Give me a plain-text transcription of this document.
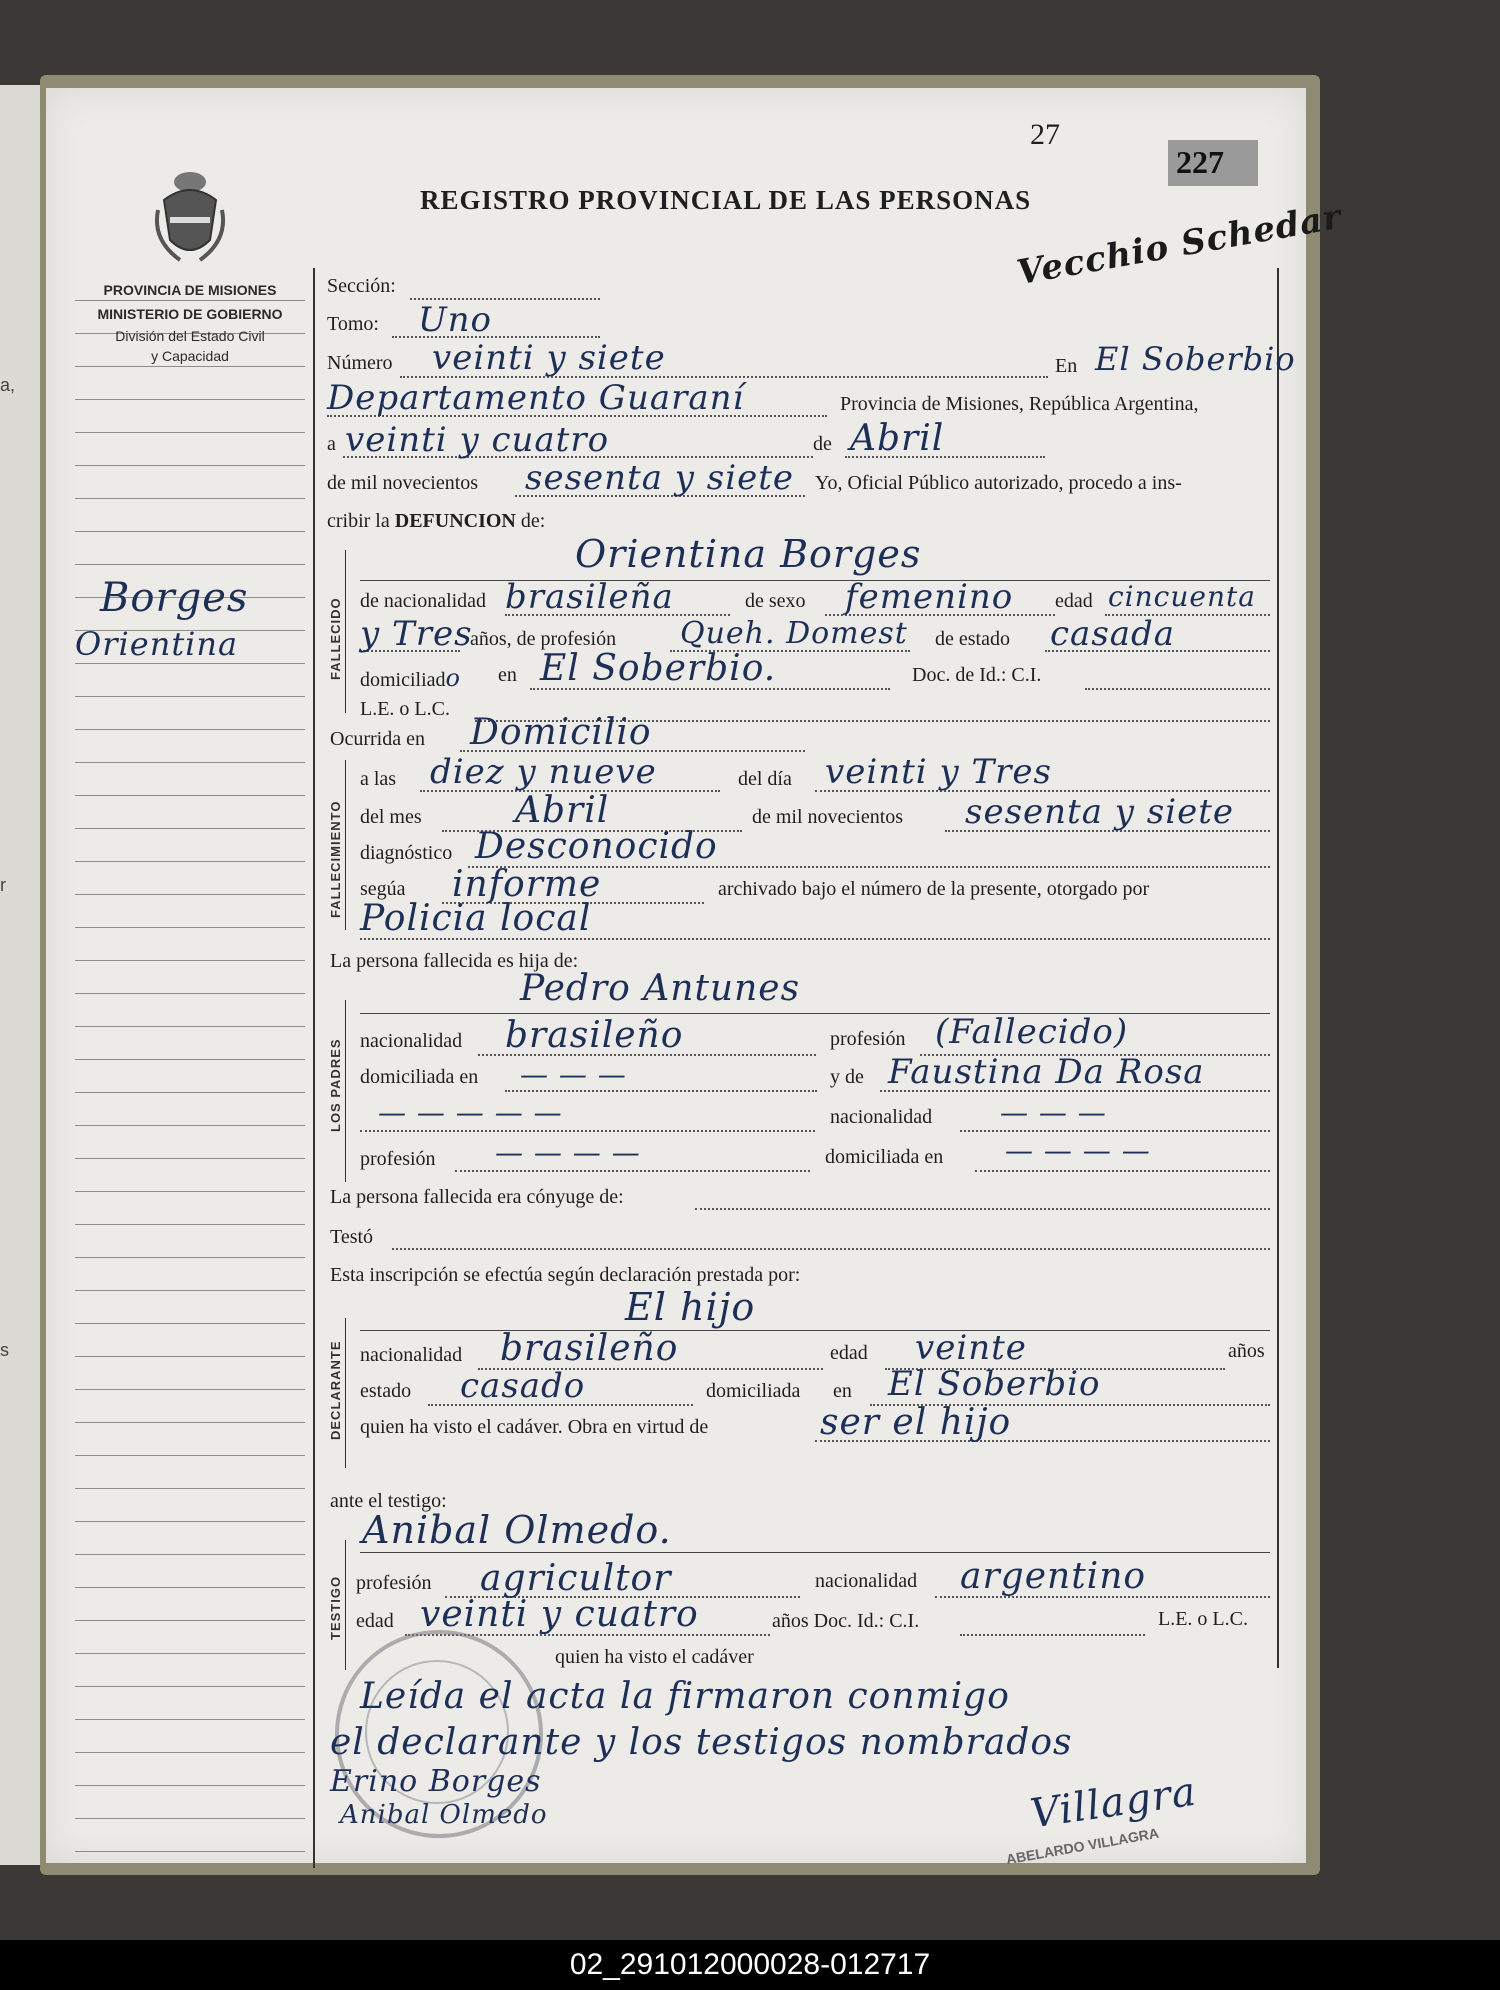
a,
r
s
PROVINCIA DE MISIONES
MINISTERIO DE GOBIERNO
División del Estado Civil
y Capacidad
27
227
REGISTRO PROVINCIAL DE LAS PERSONAS
Vecchio Schedar
Borges
Orientina
Sección:
Tomo: Uno
Número veinti y siete	En El Soberbio
Departamento Guaraní	Provincia de Misiones, República Argentina,
a veinti y cuatro	de Abril
de mil novecientos sesenta y siete Yo, Oficial Público autorizado, procedo a ins-
cribir la DEFUNCION de:
FALLECIDO
Orientina Borges
de nacionalidad brasileña	de sexo femenino edad cincuenta
y Tres
años, de profesión Queh. Domest de estado casada
domiciliado en El Soberbio.	Doc. de Id.: C.I.
L.E. o L.C.
Ocurrida en Domicilio
FALLECIMIENTO
a las diez y nueve	del día veinti y Tres
del mes	Abril	de mil novecientos sesenta y siete
diagnóstico Desconocido
segúa informe	archivado bajo el número de la presente, otorgado por
Policia local
La persona fallecida es hija de:
Pedro Antunes
LOS PADRES nacionalidad brasileño	profesión (Fallecido)
domiciliada en — — —	y de Faustina Da Rosa
— — — — —	nacionalidad — — —
profesión — — — —	domiciliada en — — — —
La persona fallecida era cónyuge de:
Testó
Esta inscripción se efectúa según declaración prestada por:
El hijo
DECLARANTE nacionalidad brasileño	edad veinte	años
estado casado	domiciliada en El Soberbio
quien ha visto el cadáver. Obra en virtud de	ser el hijo
ante el testigo:
Anibal Olmedo.
TESTIGO profesión agricultor	nacionalidad argentino
edad veinti y cuatro	años Doc. Id.: C.I.	L.E. o L.C.
quien ha visto el cadáver
Leída el acta la firmaron conmigo
el declarante y los testigos nombrados
Erino Borges
Anibal Olmedo	Villagra
ABELARDO VILLAGRA
02_291012000028-012717
